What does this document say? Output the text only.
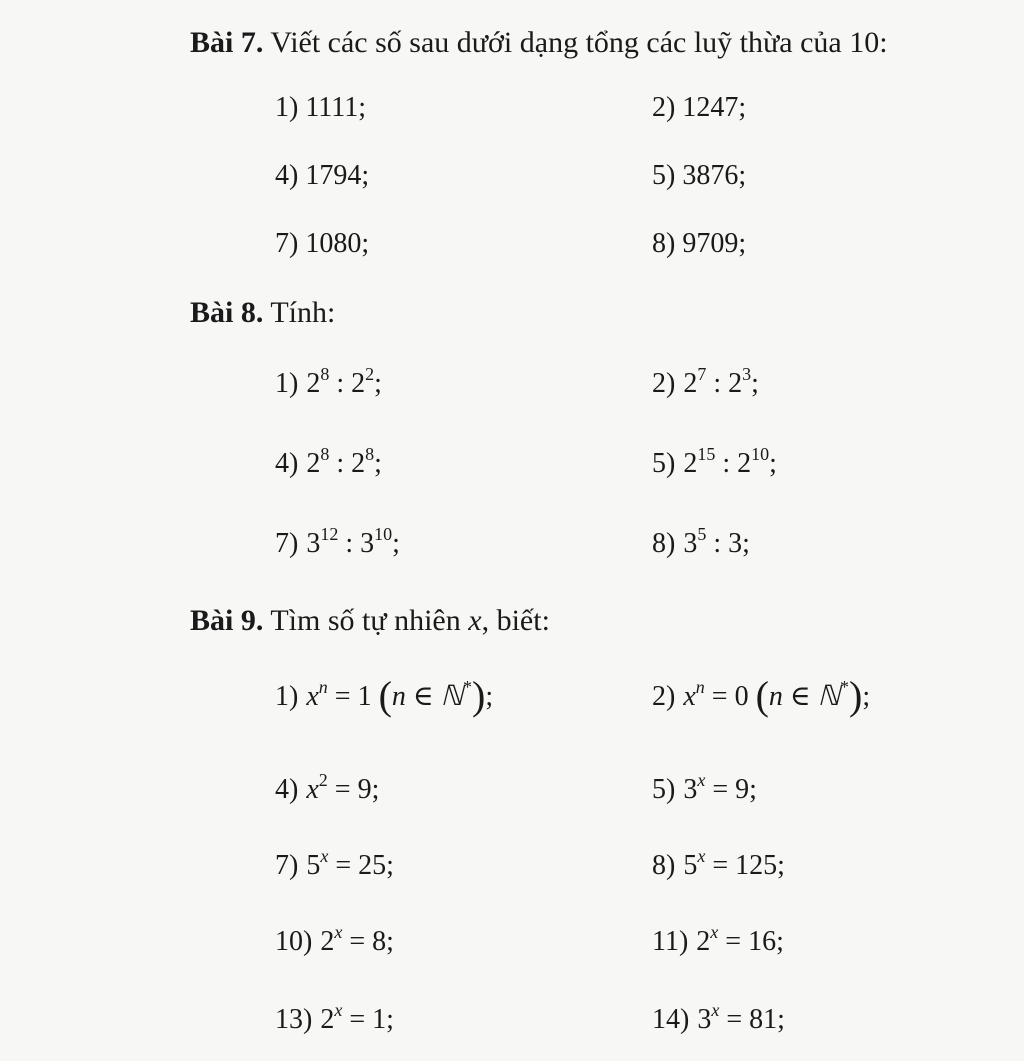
Bài 7. Viết các số sau dưới dạng tổng các luỹ thừa của 10:
1) 1111;	2) 1247;
4) 1794;	5) 3876;
7) 1080;	8) 9709;
Bài 8. Tính:
1) $2^8$ : $2^2$;	2) $2^7$ : $2^3$;
4) $2^8$ : $2^8$;	5) $2^{15}$ : $2^{10}$;
7) $3^{12}$ : $3^{10}$;	8) $3^5$ : 3;
Bài 9. Tìm số tự nhiên x, biết:
1) $x^n = 1$ (n ∈ ℕ*);	2) $x^n = 0$ (n ∈ ℕ*);
4) $x^2 = 9$;	5) $3^x = 9$;
7) $5^x = 25$;	8) $5^x = 125$;
10) $2^x = 8$;	11) $2^x = 16$;
13) $2^x = 1$;	14) $3^x = 81$;
